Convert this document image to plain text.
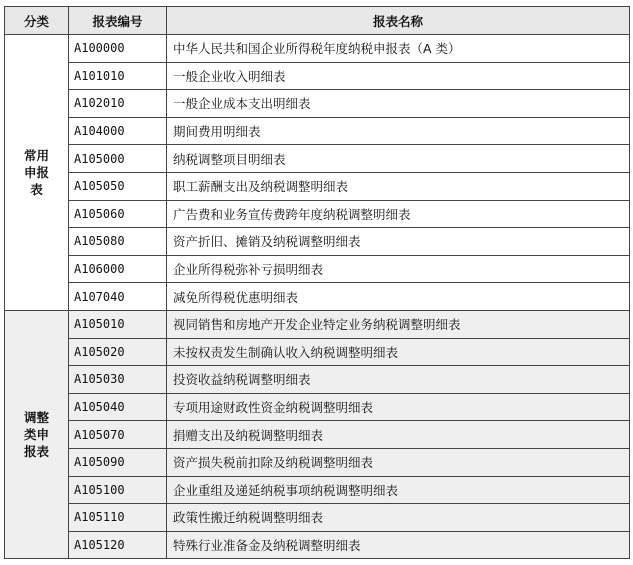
分类	报表编号	报表名称
常用申报表	A100000	中华人民共和国企业所得税年度纳税申报表（A 类）
	A101010	一般企业收入明细表
	A102010	一般企业成本支出明细表
	A104000	期间费用明细表
	A105000	纳税调整项目明细表
	A105050	职工薪酬支出及纳税调整明细表
	A105060	广告费和业务宣传费跨年度纳税调整明细表
	A105080	资产折旧、摊销及纳税调整明细表
	A106000	企业所得税弥补亏损明细表
	A107040	减免所得税优惠明细表
调整类申报表	A105010	视同销售和房地产开发企业特定业务纳税调整明细表
	A105020	未按权责发生制确认收入纳税调整明细表
	A105030	投资收益纳税调整明细表
	A105040	专项用途财政性资金纳税调整明细表
	A105070	捐赠支出及纳税调整明细表
	A105090	资产损失税前扣除及纳税调整明细表
	A105100	企业重组及递延纳税事项纳税调整明细表
	A105110	政策性搬迁纳税调整明细表
	A105120	特殊行业准备金及纳税调整明细表
